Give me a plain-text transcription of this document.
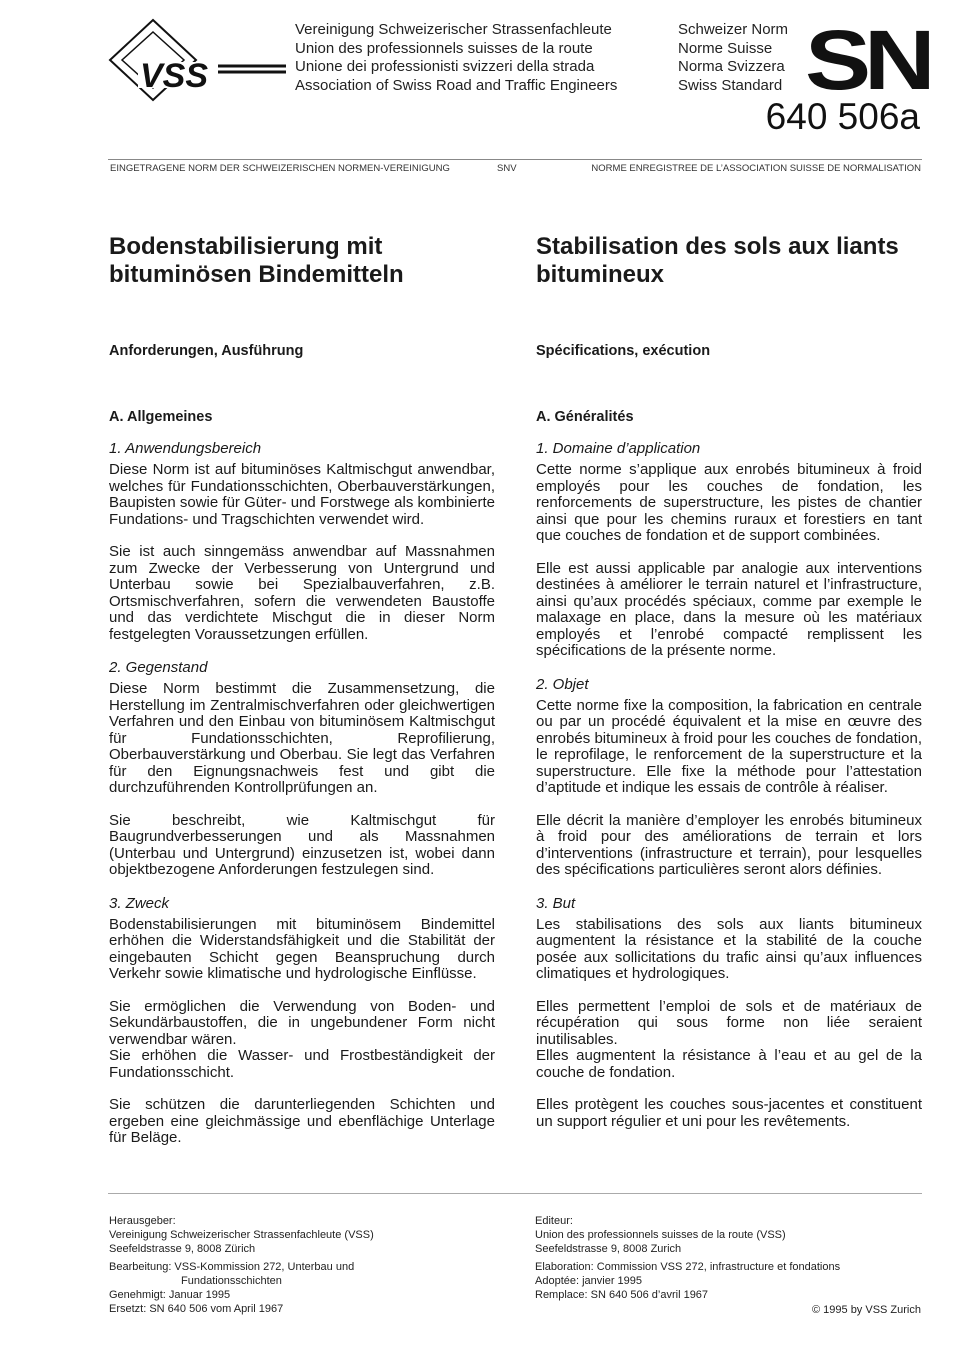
VSS
Vereinigung Schweizerischer Strassenfachleute
Union des professionnels suisses de la route
Unione dei professionisti svizzeri della strada
Association of Swiss Road and Traffic Engineers
Schweizer Norm
Norme Suisse
Norma Svizzera
Swiss Standard SN
640 506a
EINGETRAGENE NORM DER SCHWEIZERISCHEN NORMEN-VEREINIGUNG	SNV	NORME ENREGISTREE DE L’ASSOCIATION SUISSE DE NORMALISATION
Bodenstabilisierung mit bituminösen Bindemitteln
Anforderungen, Ausführung
A. Allgemeines
1. Anwendungsbereich

Diese Norm ist auf bituminöses Kaltmischgut anwendbar, welches für Fundationsschichten, Oberbauverstärkungen, Baupisten sowie für Güter- und Forstwege als kombinierte Fundations- und Tragschichten verwendet wird.

Sie ist auch sinngemäss anwendbar auf Massnahmen zum Zwecke der Verbesserung von Untergrund und Unterbau sowie bei Spezialbauverfahren, z.B. Ortsmischverfahren, sofern die verwendeten Baustoffe und das verdichtete Mischgut die in dieser Norm festgelegten Voraussetzungen erfüllen.

2. Gegenstand

Diese Norm bestimmt die Zusammensetzung, die Herstellung im Zentralmischverfahren oder gleichwertigen Verfahren und den Einbau von bituminösem Kaltmischgut für Fundationsschichten, Reprofilierung, Oberbauverstärkung und Oberbau. Sie legt das Verfahren für den Eignungsnachweis fest und gibt die durchzuführenden Kontrollprüfungen an.

Sie beschreibt, wie Kaltmischgut für Baugrundverbesserungen und als Massnahmen (Unterbau und Untergrund) einzusetzen ist, wobei dann objektbezogene Anforderungen festzulegen sind.

3. Zweck

Bodenstabilisierungen mit bituminösem Bindemittel erhöhen die Widerstandsfähigkeit und die Stabilität der eingebauten Schicht gegen Beanspruchung durch Verkehr sowie klimatische und hydrologische Einflüsse.

Sie ermöglichen die Verwendung von Boden- und Sekundärbaustoffen, die in ungebundener Form nicht verwendbar wären.

Sie erhöhen die Wasser- und Frostbeständigkeit der Fundationsschicht.

Sie schützen die darunterliegenden Schichten und ergeben eine gleichmässige und ebenflächige Unterlage für Beläge.

Stabilisation des sols aux liants bitumineux
Spécifications, exécution
A. Généralités
1. Domaine d’application

Cette norme s’applique aux enrobés bitumineux à froid employés pour les couches de fondation, les renforcements de superstructure, les pistes de chantier ainsi que pour les chemins ruraux et forestiers en tant que couches de fondation et de support combinées.

Elle est aussi applicable par analogie aux interventions destinées à améliorer le terrain naturel et l’infrastructure, ainsi qu’aux procédés spéciaux, comme par exemple le malaxage en place, dans la mesure où les matériaux employés et l’enrobé compacté remplissent les spécifications de la présente norme.

2. Objet

Cette norme fixe la composition, la fabrication en centrale ou par un procédé équivalent et la mise en œuvre des enrobés bitumineux à froid pour les couches de fondation, le reprofilage, le renforcement de la superstructure et la superstructure. Elle fixe la méthode pour l’attestation d’aptitude et indique les essais de contrôle à réaliser.

Elle décrit la manière d’employer les enrobés bitumineux à froid pour des améliorations de terrain et lors d’interventions (infrastructure et terrain), pour lesquelles des spécifications particulières seront alors définies.

3. But

Les stabilisations des sols aux liants bitumineux augmentent la résistance et la stabilité de la couche posée aux sollicitations du trafic ainsi qu’aux influences climatiques et hydrologiques.

Elles permettent l’emploi de sols et de matériaux de récupération qui sous forme non liée seraient inutilisables.

Elles augmentent la résistance à l’eau et au gel de la couche de fondation.

Elles protègent les couches sous-jacentes et constituent un support régulier et uni pour les revêtements.

Herausgeber:
Vereinigung Schweizerischer Strassenfachleute (VSS)
Seefeldstrasse 9, 8008 Zürich

Bearbeitung: VSS-Kommission 272, Unterbau und
Fundationsschichten
Genehmigt: Januar 1995
Ersetzt: SN 640 506 vom April 1967

Editeur:
Union des professionnels suisses de la route (VSS)
Seefeldstrasse 9, 8008 Zurich

Elaboration: Commission VSS 272, infrastructure et fondations
Adoptée: janvier 1995
Remplace: SN 640 506 d’avril 1967
© 1995 by VSS Zurich
